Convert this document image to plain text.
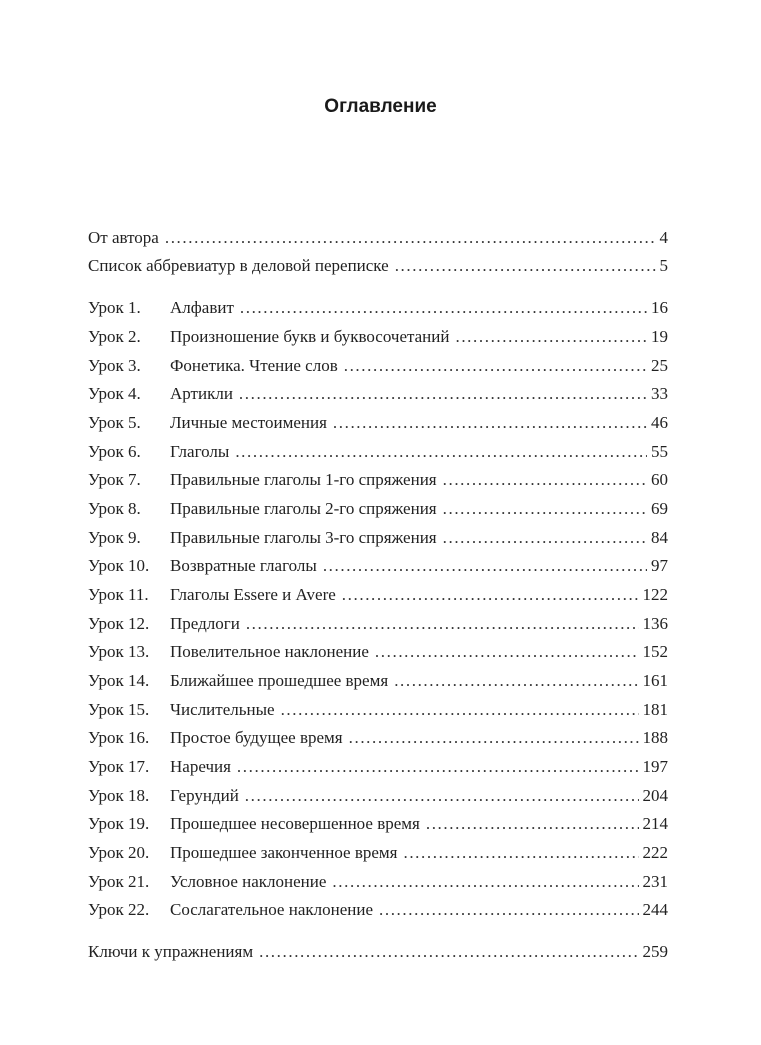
Оглавление
От автора .....	4
Список аббревиатур в деловой переписке .....	5
Урок 1.	Алфавит .....	16
Урок 2.	Произношение букв и буквосочетаний .....	19
Урок 3.	Фонетика. Чтение слов .....	25
Урок 4.	Артикли .....	33
Урок 5.	Личные местоимения .....	46
Урок 6.	Глаголы .....	55
Урок 7.	Правильные глаголы 1-го спряжения .....	60
Урок 8.	Правильные глаголы 2-го спряжения .....	69
Урок 9.	Правильные глаголы 3-го спряжения .....	84
Урок 10.	Возвратные глаголы .....	97
Урок 11.	Глаголы Essere и Avere .....	122
Урок 12.	Предлоги .....	136
Урок 13.	Повелительное наклонение .....	152
Урок 14.	Ближайшее прошедшее время .....	161
Урок 15.	Числительные .....	181
Урок 16.	Простое будущее время .....	188
Урок 17.	Наречия .....	197
Урок 18.	Герундий .....	204
Урок 19.	Прошедшее несовершенное время .....	214
Урок 20.	Прошедшее законченное время .....	222
Урок 21.	Условное наклонение .....	231
Урок 22.	Сослагательное наклонение .....	244
Ключи к упражнениям .....	259
